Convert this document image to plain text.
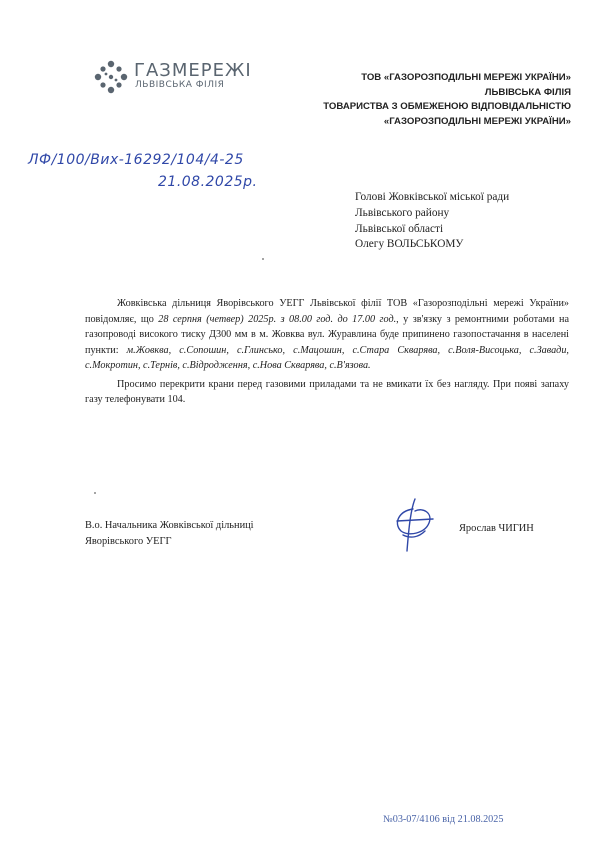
ГАЗМЕРЕЖІ
ЛЬВІВСЬКА ФІЛІЯ
ТОВ «ГАЗОРОЗПОДІЛЬНІ МЕРЕЖІ УКРАЇНИ»
ЛЬВІВСЬКА ФІЛІЯ
ТОВАРИСТВА З ОБМЕЖЕНОЮ ВІДПОВІДАЛЬНІСТЮ
«ГАЗОРОЗПОДІЛЬНІ МЕРЕЖІ УКРАЇНИ»
ЛФ/100/Вих-16292/104/4-25
21.08.2025р.
Голові Жовківської міської ради
Львівського району
Львівської області
Олегу ВОЛЬСЬКОМУ

Жовківська дільниця Яворівського УЕГГ Львівської філії ТОВ «Газорозподільні мережі України» повідомляє, що 28 серпня (четвер) 2025р. з 08.00 год. до 17.00 год., у зв'язку з ремонтними роботами на газопроводі високого тиску Д300 мм в м. Жовква вул. Журавлина буде припинено газопостачання в населені пункти: м.Жовква, с.Сопошин, с.Глинсько, с.Мацошин, с.Стара Скварява, с.Воля-Висоцька, с.Завади, с.Мокротин, с.Тернів, с.Відродження, с.Нова Скварява, с.В'язова.

Просимо перекрити крани перед газовими приладами та не вмикати їх без нагляду. При появі запаху газу телефонувати 104.

В.о. Начальника Жовківської дільниці
Яворівського УЕГГ
Ярослав ЧИГИН
№03-07/4106 від 21.08.2025
